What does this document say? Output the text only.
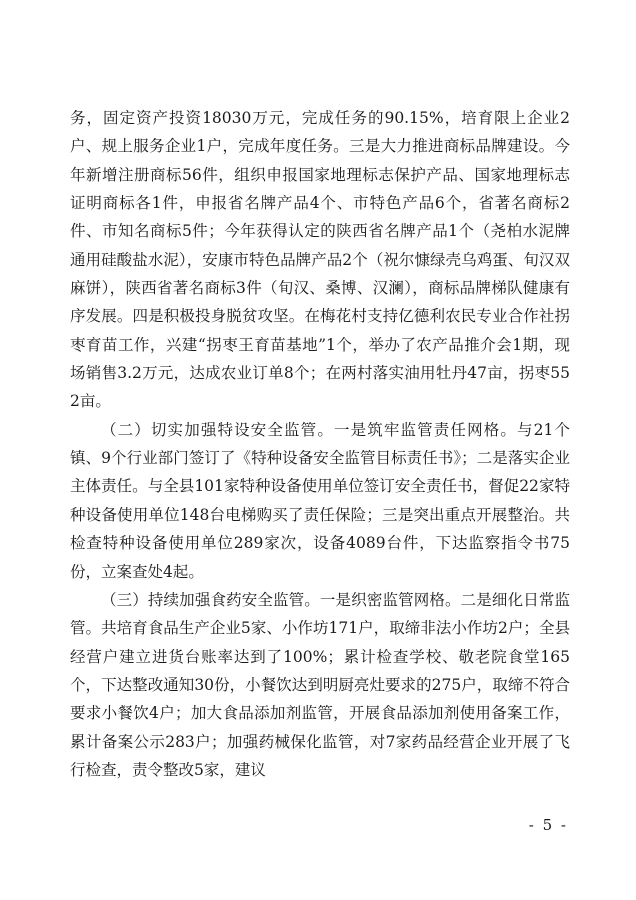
务，固定资产投资18030万元，完成任务的90.15%，培育限上企业2户、规上服务企业1户，完成年度任务。三是大力推进商标品牌建设。今年新增注册商标56件，组织申报国家地理标志保护产品、国家地理标志证明商标各1件，申报省名牌产品4个、市特色产品6个，省著名商标2件、市知名商标5件；今年获得认定的陕西省名牌产品1个（尧柏水泥牌通用硅酸盐水泥），安康市特色品牌产品2个（祝尔慷绿壳乌鸡蛋、旬汉双麻饼），陕西省著名商标3件（旬汉、桑博、汉澜），商标品牌梯队健康有序发展。四是积极投身脱贫攻坚。在梅花村支持亿德利农民专业合作社拐枣育苗工作，兴建“拐枣王育苗基地”1个，举办了农产品推介会1期，现场销售3.2万元，达成农业订单8个；在两村落实油用牡丹47亩，拐枣552亩。

（二）切实加强特设安全监管。一是筑牢监管责任网格。与21个镇、9个行业部门签订了《特种设备安全监管目标责任书》；二是落实企业主体责任。与全县101家特种设备使用单位签订安全责任书，督促22家特种设备使用单位148台电梯购买了责任保险；三是突出重点开展整治。共检查特种设备使用单位289家次，设备4089台件，下达监察指令书75份，立案查处4起。

（三）持续加强食药安全监管。一是织密监管网格。二是细化日常监管。共培育食品生产企业5家、小作坊171户，取缔非法小作坊2户；全县经营户建立进货台账率达到了100%；累计检查学校、敬老院食堂165个，下达整改通知30份，小餐饮达到明厨亮灶要求的275户，取缔不符合要求小餐饮4户；加大食品添加剂监管，开展食品添加剂使用备案工作，累计备案公示283户；加强药械保化监管，对7家药品经营企业开展了飞行检查，责令整改5家，建议

- 5 -
